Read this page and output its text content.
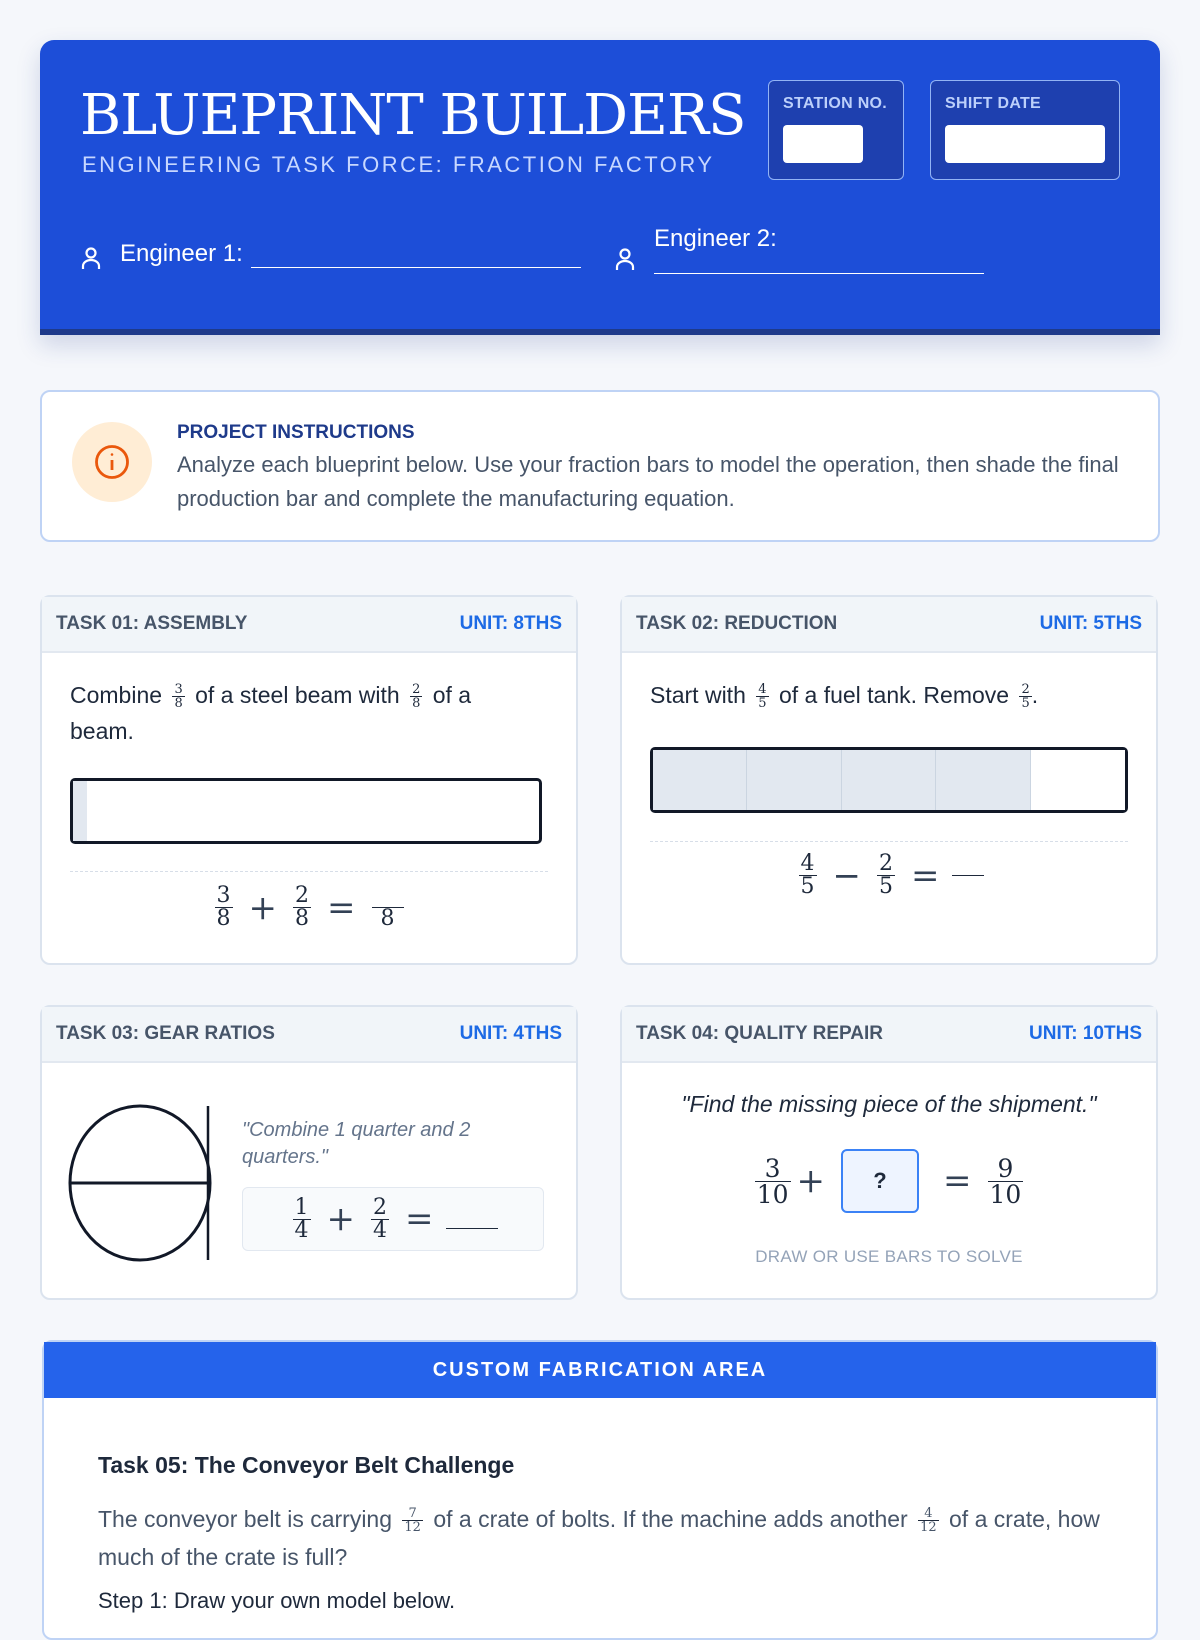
BLUEPRINT BUILDERS
ENGINEERING TASK FORCE: FRACTION FACTORY
STATION NO.	SHIFT DATE
Engineer 1:
Engineer 2:
PROJECT INSTRUCTIONS
Analyze each blueprint below. Use your fraction bars to model the operation, then shade the final production bar and complete the manufacturing equation.
TASK 01: ASSEMBLY	UNIT: 8THS
Combine $\frac{3}{8}$ of a steel beam with $\frac{2}{8}$ of a beam.
$\frac{3}{8} + \frac{2}{8}$ =
	8
TASK 02: REDUCTION	UNIT: 5THS
Start with $\frac{4}{5}$ of a fuel tank. Remove $\frac{2}{5}$ .
$\frac{4}{5} - \frac{2}{5}$ =
TASK 03: GEAR RATIOS	UNIT: 4THS
"Combine 1 quarter and 2 quarters."
$\frac{1}{4} + \frac{2}{4}$ =
TASK 04: QUALITY REPAIR	UNIT: 10THS
"Find the missing piece of the shipment."
$\frac{3}{10}$ +	?	= $\frac{9}{10}$
DRAW OR USE BARS TO SOLVE
CUSTOM FABRICATION AREA
Task 05: The Conveyor Belt Challenge
The conveyor belt is carrying $\frac{7}{12}$ of a crate of bolts. If the machine adds another $\frac{4}{12}$ of a crate, how much of the crate is full?
Step 1: Draw your own model below.
